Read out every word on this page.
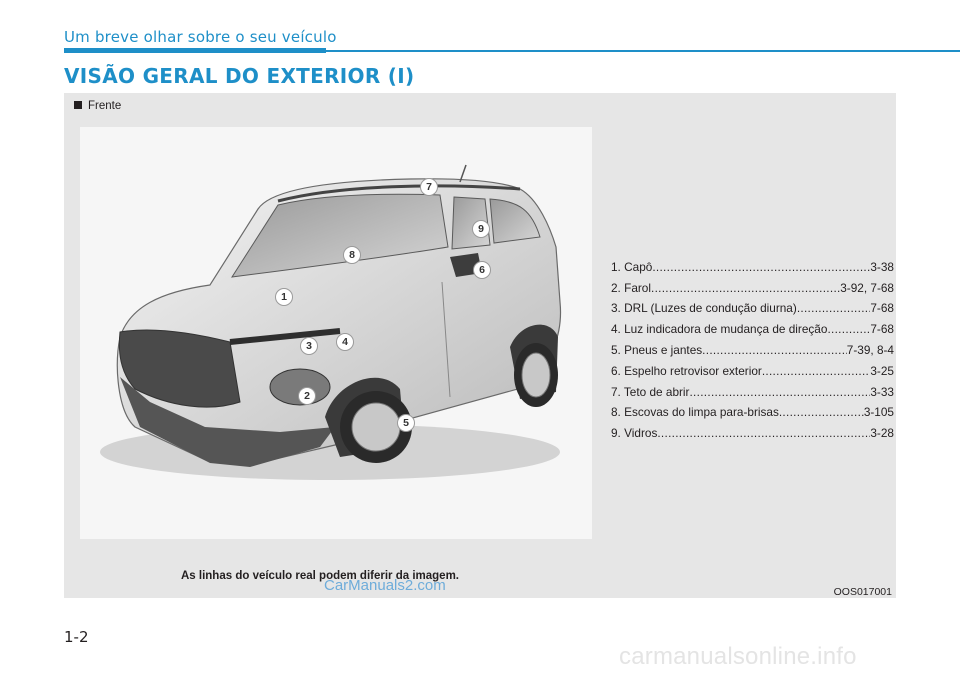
Um breve olhar sobre o seu veículo
VISÃO GERAL DO EXTERIOR (I)
Frente
1
2
3	4
5
6
7
8
9
1. Capô .....	3-38
2. Farol .....	3-92, 7-68
3. DRL (Luzes de condução diurna) .....	7-68
4. Luz indicadora de mudança de direção .....	7-68
5. Pneus e jantes .....	7-39, 8-4
6. Espelho retrovisor exterior .....	3-25
7. Teto de abrir .....	3-33
8. Escovas do limpa para-brisas .....	3-105
9. Vidros .....	3-28
As linhas do veículo real podem diferir da imagem.
OOS017001
CarManuals2.com
1-2
carmanualsonline.info
